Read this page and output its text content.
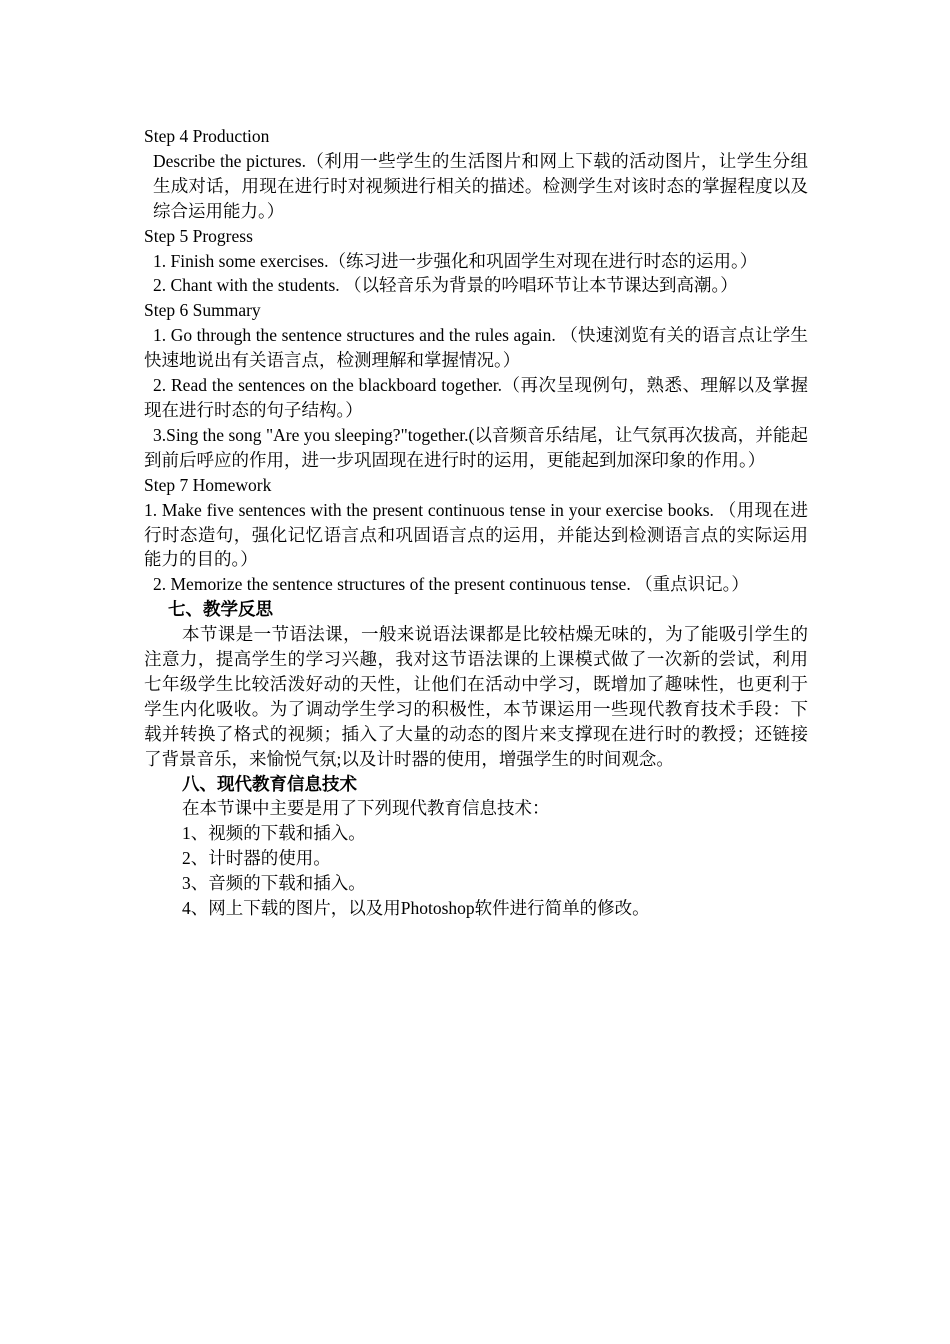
Step 4 Production

Describe the pictures.（利用一些学生的生活图片和网上下载的活动图片，让学生分组生成对话，用现在进行时对视频进行相关的描述。检测学生对该时态的掌握程度以及综合运用能力。）

Step 5 Progress

1. Finish some exercises.（练习进一步强化和巩固学生对现在进行时态的运用。）

2. Chant with the students. （以轻音乐为背景的吟唱环节让本节课达到高潮。）

Step 6 Summary

1. Go through the sentence structures and the rules again. （快速浏览有关的语言点让学生快速地说出有关语言点，检测理解和掌握情况。）

2. Read the sentences on the blackboard together.（再次呈现例句，熟悉、理解以及掌握现在进行时态的句子结构。）

3.Sing the song "Are you sleeping?"together.(以音频音乐结尾，让气氛再次拔高，并能起到前后呼应的作用，进一步巩固现在进行时的运用，更能起到加深印象的作用。）

Step 7 Homework

1. Make five sentences with the present continuous tense in your exercise books. （用现在进行时态造句，强化记忆语言点和巩固语言点的运用，并能达到检测语言点的实际运用能力的目的。）

2. Memorize the sentence structures of the present continuous tense. （重点识记。）

七、教学反思

本节课是一节语法课，一般来说语法课都是比较枯燥无味的，为了能吸引学生的注意力，提高学生的学习兴趣，我对这节语法课的上课模式做了一次新的尝试，利用七年级学生比较活泼好动的天性，让他们在活动中学习，既增加了趣味性，也更利于学生内化吸收。为了调动学生学习的积极性，本节课运用一些现代教育技术手段：下载并转换了格式的视频；插入了大量的动态的图片来支撑现在进行时的教授；还链接了背景音乐，来愉悦气氛;以及计时器的使用，增强学生的时间观念。

八、现代教育信息技术

在本节课中主要是用了下列现代教育信息技术：

1、视频的下载和插入。

2、计时器的使用。

3、音频的下载和插入。

4、网上下载的图片，以及用Photoshop软件进行简单的修改。
